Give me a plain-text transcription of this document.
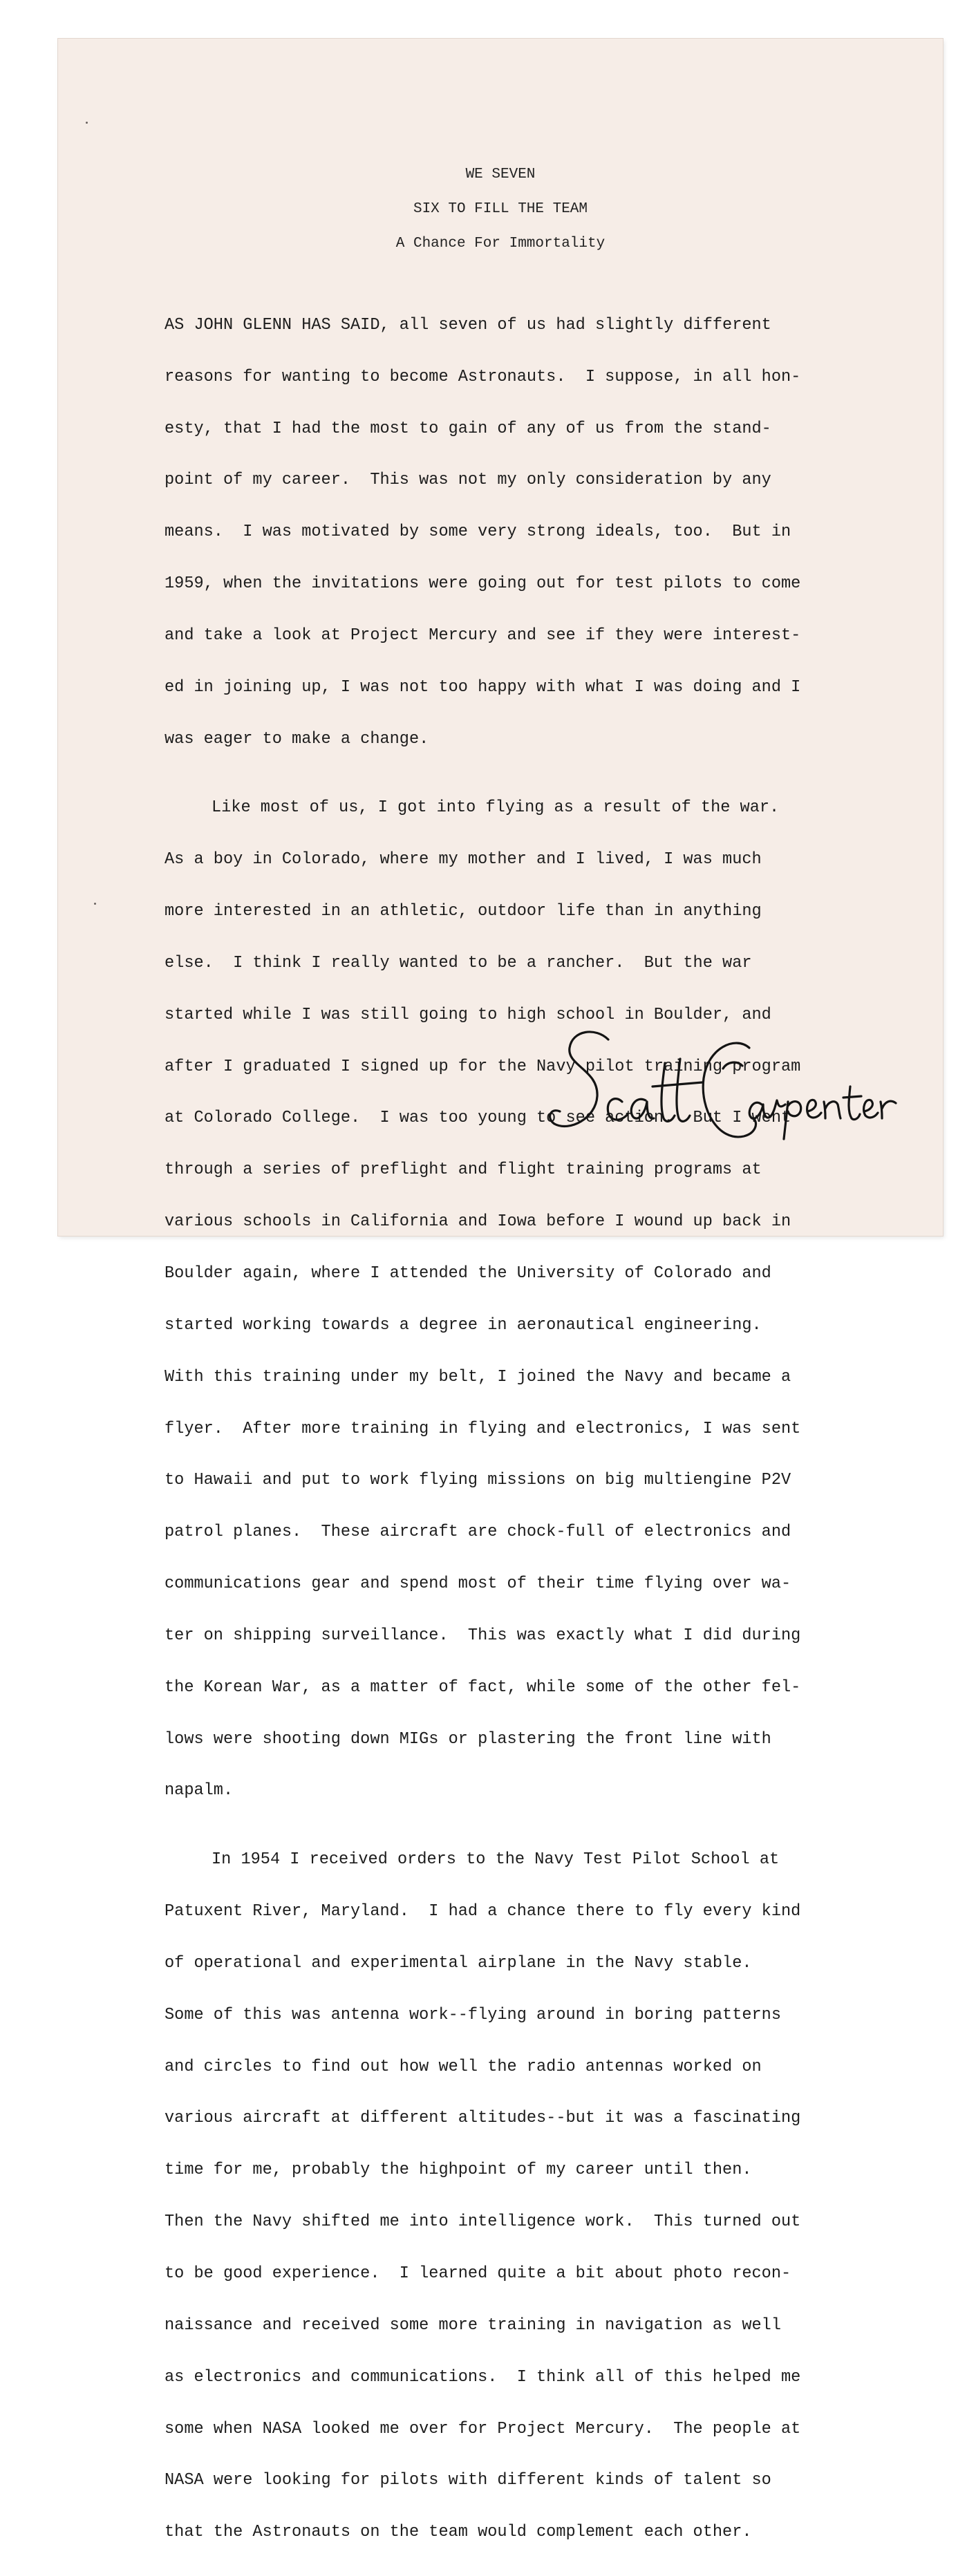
WE SEVEN
SIX TO FILL THE TEAM
A Chance For Immortality

AS JOHN GLENN HAS SAID, all seven of us had slightly different

reasons for wanting to become Astronauts.  I suppose, in all hon-

esty, that I had the most to gain of any of us from the stand-

point of my career.  This was not my only consideration by any

means.  I was motivated by some very strong ideals, too.  But in

1959, when the invitations were going out for test pilots to come

and take a look at Project Mercury and see if they were interest-

ed in joining up, I was not too happy with what I was doing and I

was eager to make a change.

Like most of us, I got into flying as a result of the war.

As a boy in Colorado, where my mother and I lived, I was much

more interested in an athletic, outdoor life than in anything

else.  I think I really wanted to be a rancher.  But the war

started while I was still going to high school in Boulder, and

after I graduated I signed up for the Navy pilot training program

at Colorado College.  I was too young to see action.  But I went

through a series of preflight and flight training programs at

various schools in California and Iowa before I wound up back in

Boulder again, where I attended the University of Colorado and

started working towards a degree in aeronautical engineering.

With this training under my belt, I joined the Navy and became a

flyer.  After more training in flying and electronics, I was sent

to Hawaii and put to work flying missions on big multiengine P2V

patrol planes.  These aircraft are chock-full of electronics and

communications gear and spend most of their time flying over wa-

ter on shipping surveillance.  This was exactly what I did during

the Korean War, as a matter of fact, while some of the other fel-

lows were shooting down MIGs or plastering the front line with

napalm.

In 1954 I received orders to the Navy Test Pilot School at

Patuxent River, Maryland.  I had a chance there to fly every kind

of operational and experimental airplane in the Navy stable.

Some of this was antenna work--flying around in boring patterns

and circles to find out how well the radio antennas worked on

various aircraft at different altitudes--but it was a fascinating

time for me, probably the highpoint of my career until then.

Then the Navy shifted me into intelligence work.  This turned out

to be good experience.  I learned quite a bit about photo recon-

naissance and received some more training in navigation as well

as electronics and communications.  I think all of this helped me

some when NASA looked me over for Project Mercury.  The people at

NASA were looking for pilots with different kinds of talent so

that the Astronauts on the team would complement each other.
